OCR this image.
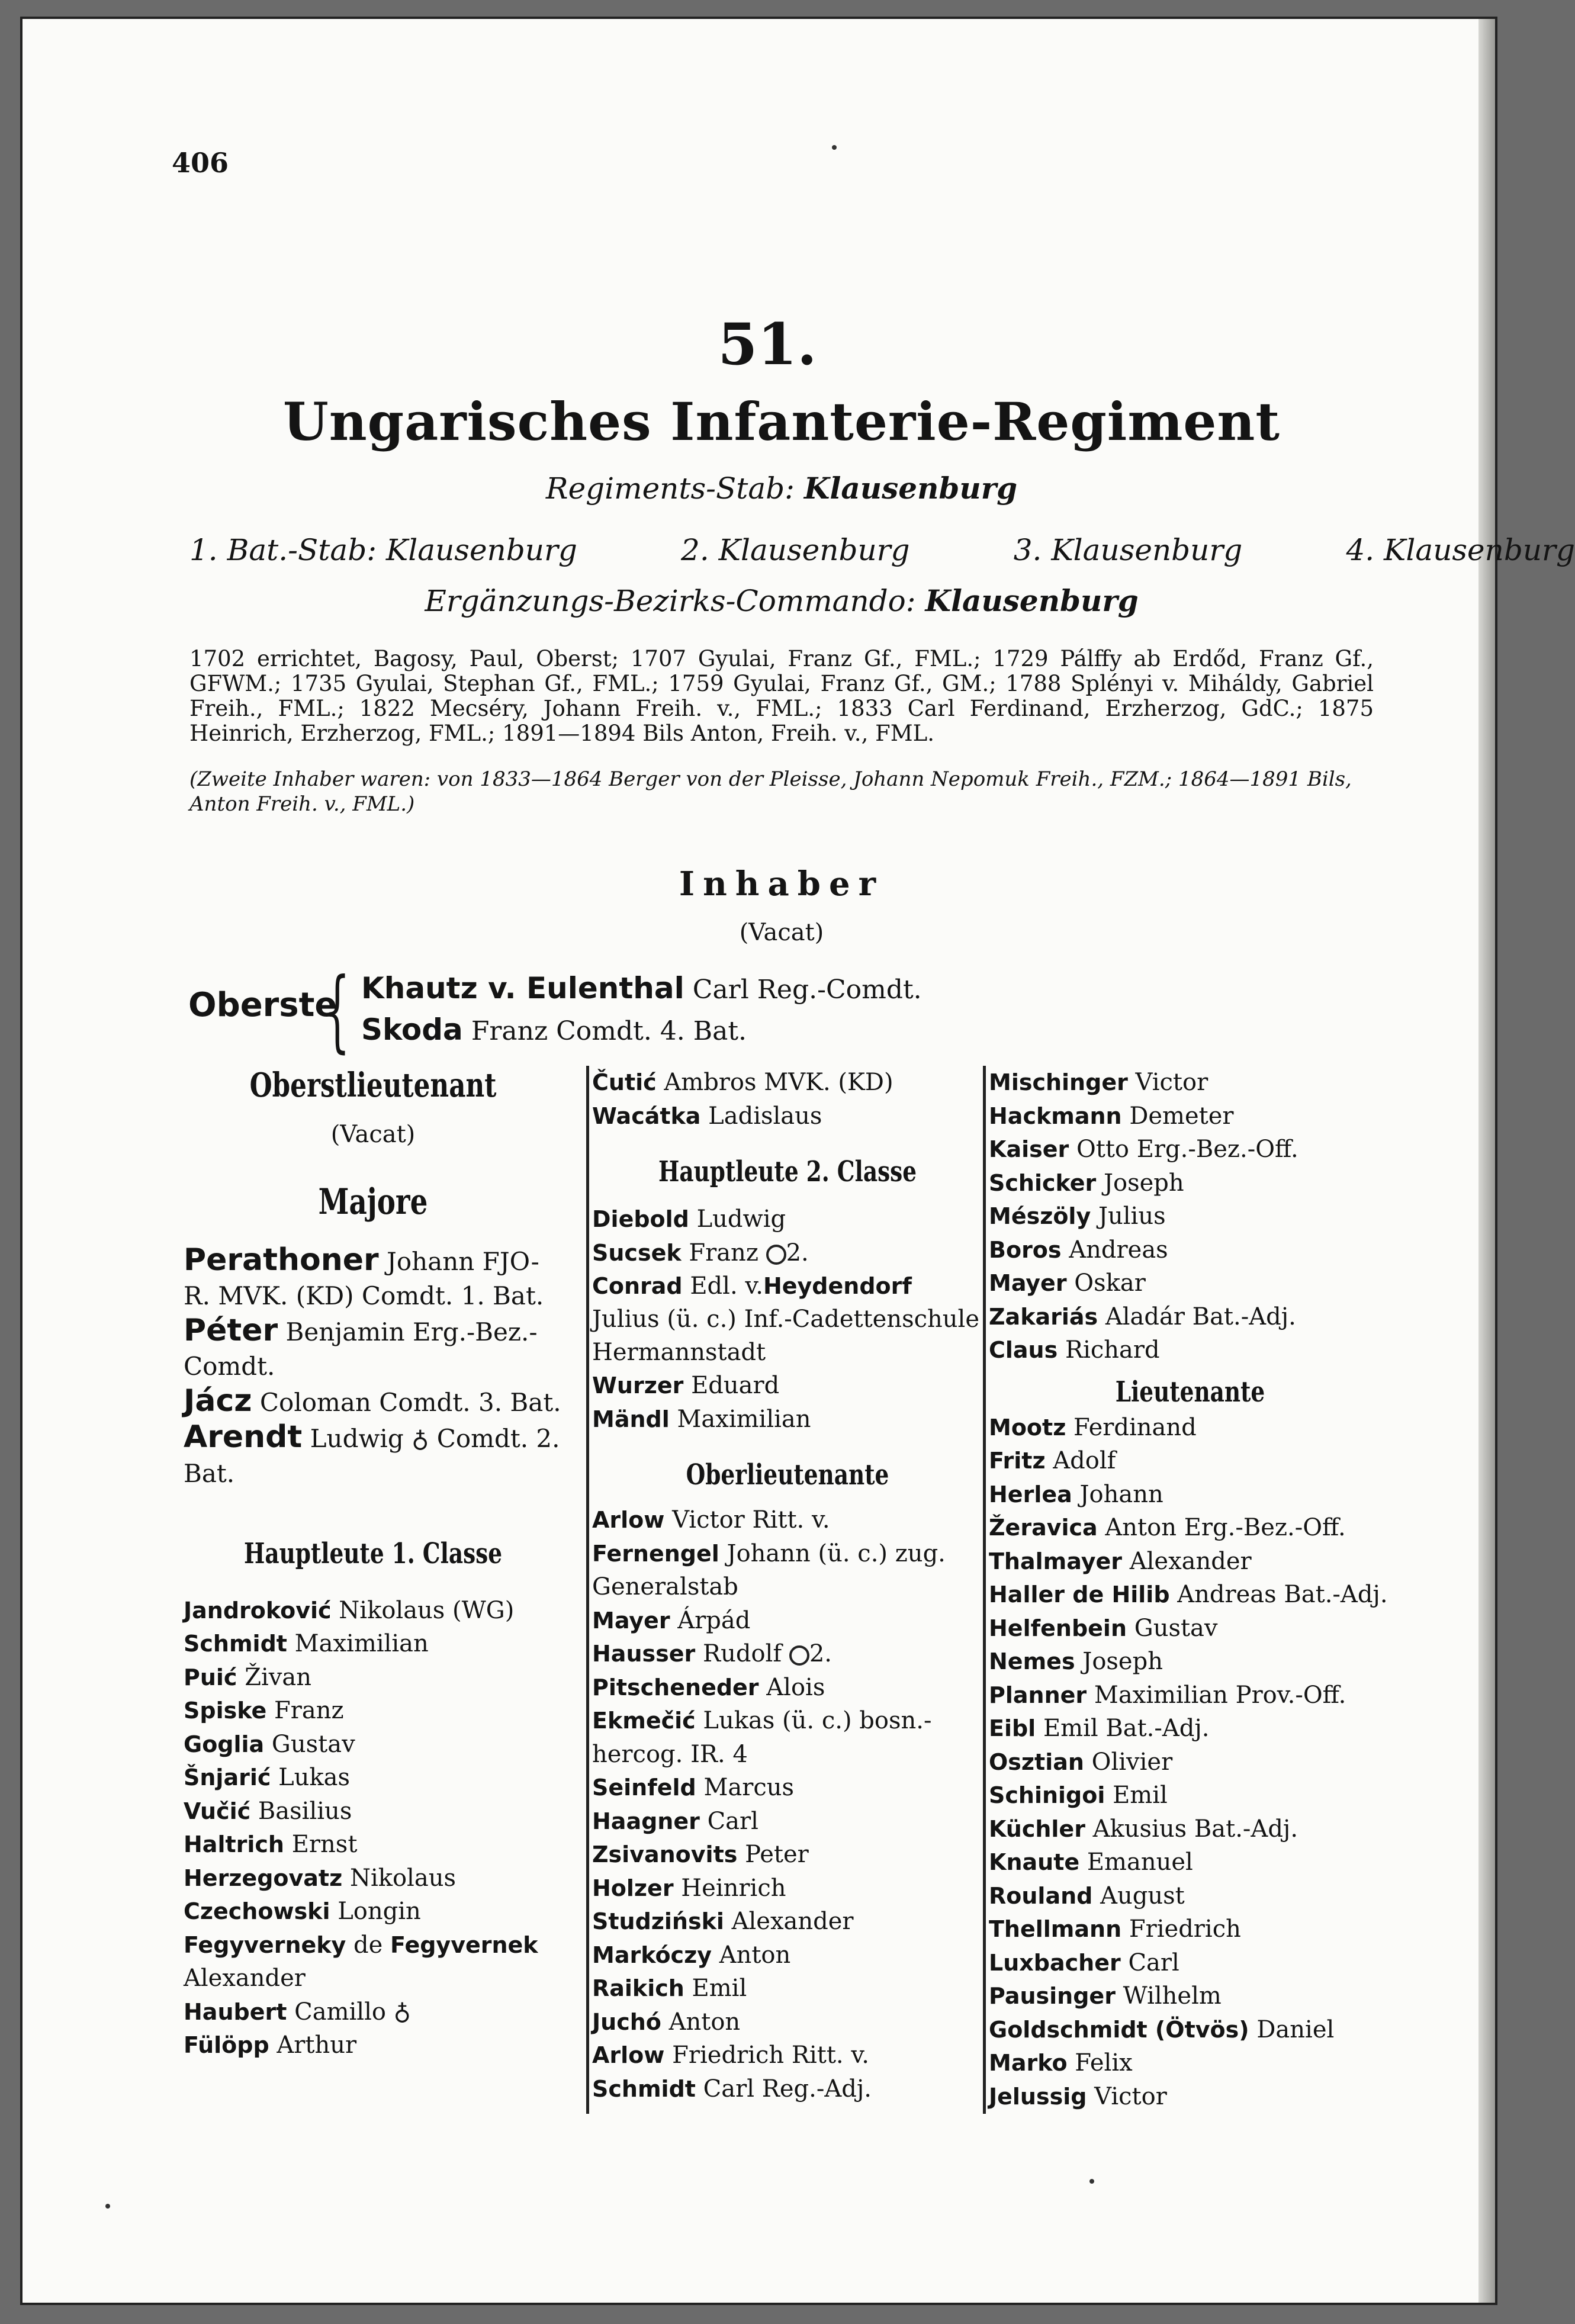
406
51.
Ungarisches Infanterie-Regiment
Regiments-Stab: Klausenburg
1. Bat.-Stab: Klausenburg	2. Klausenburg	3. Klausenburg	4. Klausenburg
Ergänzungs-Bezirks-Commando: Klausenburg
1702 errichtet, Bagosy, Paul, Oberst; 1707 Gyulai, Franz Gf., FML.; 1729 Pálffy ab Erdőd, Franz Gf., GFWM.; 1735 Gyulai, Stephan Gf., FML.; 1759 Gyulai, Franz Gf., GM.; 1788 Splényi v. Miháldy, Gabriel Freih., FML.; 1822 Mecséry, Johann Freih. v., FML.; 1833 Carl Ferdinand, Erzherzog, GdC.; 1875 Heinrich, Erzherzog, FML.; 1891—1894 Bils Anton, Freih. v., FML.
(Zweite Inhaber waren: von 1833—1864 Berger von der Pleisse, Johann Nepomuk Freih., FZM.; 1864—1891 Bils, Anton Freih. v., FML.)
Inhaber
(Vacat)
Oberste
{ Khautz v. Eulenthal Carl Reg.-Comdt.
Skoda Franz Comdt. 4. Bat.
Oberstlieutenant
(Vacat)
Majore
Perathoner Johann FJO-R. MVK. (KD) Comdt. 1. Bat.
Péter Benjamin Erg.-Bez.-Comdt.
Jácz Coloman Comdt. 3. Bat.
Arendt Ludwig ♁ Comdt. 2. Bat.
Hauptleute 1. Classe
Jandroković Nikolaus (WG)
Schmidt Maximilian
Puić Živan
Spiske Franz
Goglia Gustav
Šnjarić Lukas
Vučić Basilius
Haltrich Ernst
Herzegovatz Nikolaus
Czechowski Longin
Fegyverneky de Fegyvernek Alexander
Haubert Camillo ♁
Fülöpp Arthur
Čutić Ambros MVK. (KD)
Wacátka Ladislaus
Hauptleute 2. Classe
Diebold Ludwig
Sucsek Franz 2.
Conrad Edl. v.Heydendorf Julius (ü. c.) Inf.-Cadettenschule Hermannstadt
Wurzer Eduard
Mändl Maximilian
Oberlieutenante
Arlow Victor Ritt. v.
Fernengel Johann (ü. c.) zug. Generalstab
Mayer Árpád
Hausser Rudolf 2.
Pitscheneder Alois
Ekmečić Lukas (ü. c.) bosn.-hercog. IR. 4
Seinfeld Marcus
Haagner Carl
Zsivanovits Peter
Holzer Heinrich
Studziński Alexander
Markóczy Anton
Raikich Emil
Juchó Anton
Arlow Friedrich Ritt. v.
Schmidt Carl Reg.-Adj.
Mischinger Victor
Hackmann Demeter
Kaiser Otto Erg.-Bez.-Off.
Schicker Joseph
Mészöly Julius
Boros Andreas
Mayer Oskar
Zakariás Aladár Bat.-Adj.
Claus Richard
Lieutenante
Mootz Ferdinand
Fritz Adolf
Herlea Johann
Žeravica Anton Erg.-Bez.-Off.
Thalmayer Alexander
Haller de Hilib Andreas Bat.-Adj.
Helfenbein Gustav
Nemes Joseph
Planner Maximilian Prov.-Off.
Eibl Emil Bat.-Adj.
Osztian Olivier
Schinigoi Emil
Küchler Akusius Bat.-Adj.
Knaute Emanuel
Rouland August
Thellmann Friedrich
Luxbacher Carl
Pausinger Wilhelm
Goldschmidt (Ötvös) Daniel
Marko Felix
Jelussig Victor
